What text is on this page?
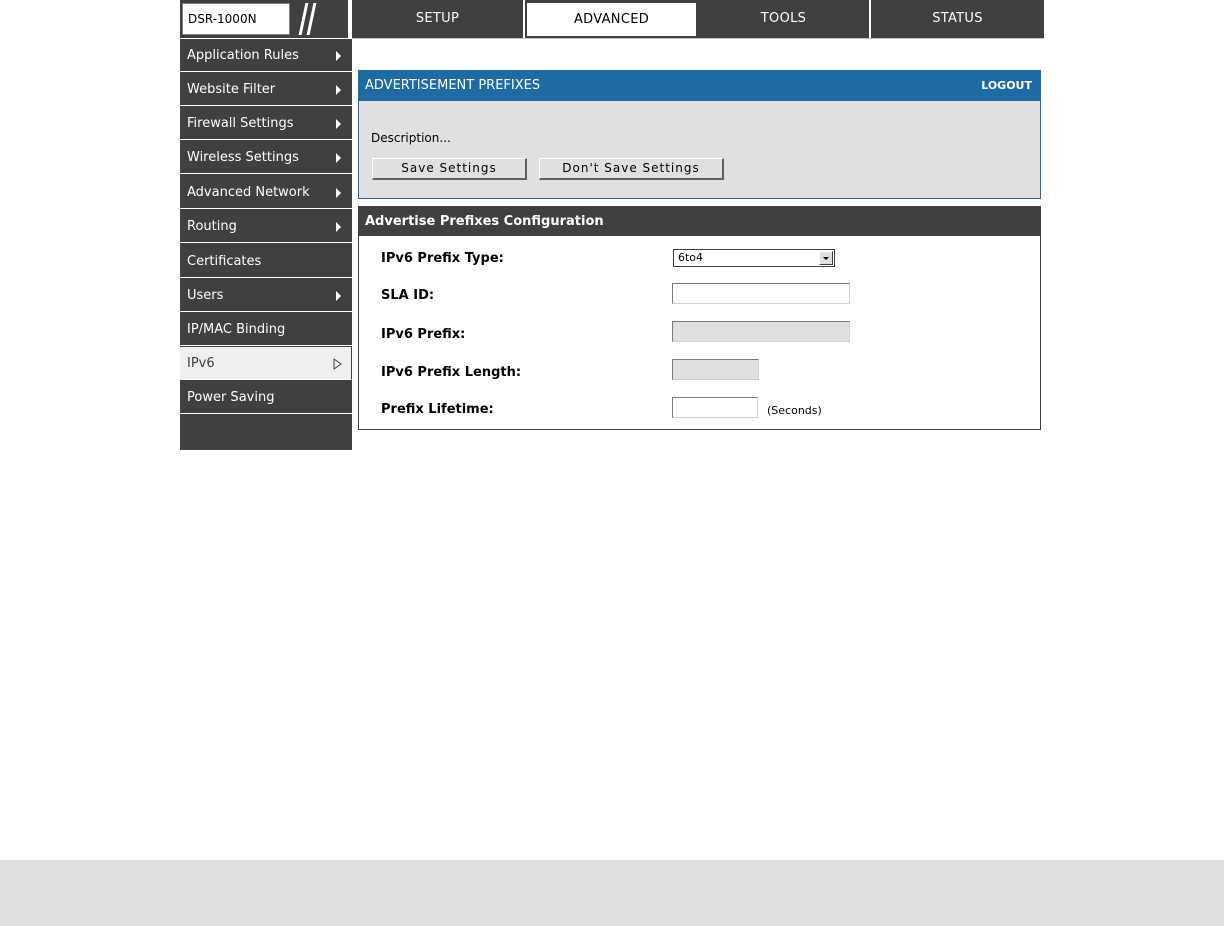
DSR-1000N	SETUP	ADVANCED	TOOLS	STATUS
Application Rules
Website Filter
Firewall Settings
Wireless Settings
Advanced Network
Routing
Certificates
Users
IP/MAC Binding
IPv6
Power Saving
ADVERTISEMENT PREFIXES	LOGOUT
Description...
Save Settings	Don't Save Settings
Advertise Prefixes Configuration
IPv6 Prefix Type:	6to4
SLA ID:
IPv6 Prefix:
IPv6 Prefix Length:
Prefix Lifetime:	(Seconds)
